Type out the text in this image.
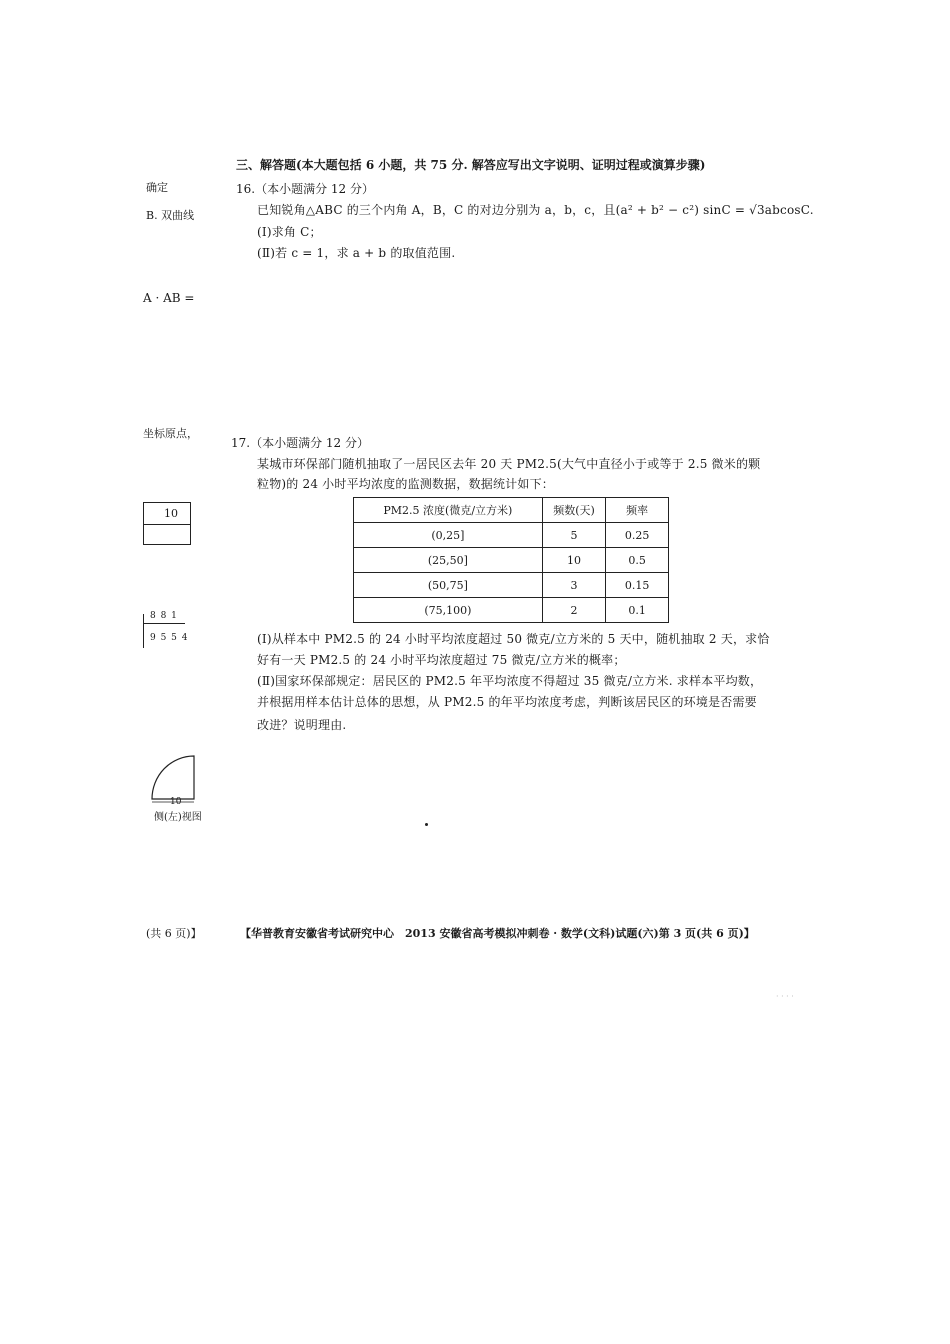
三、解答题(本大题包括 6 小题，共 75 分. 解答应写出文字说明、证明过程或演算步骤)
确定
B. 双曲线
A · AB =
坐标原点，
16.（本小题满分 12 分）
已知锐角△ABC 的三个内角 A，B，C 的对边分别为 a，b，c，且(a² + b² − c²) sinC = √3abcosC.
(Ⅰ)求角 C；
(Ⅱ)若 c = 1，求 a + b 的取值范围.
17.（本小题满分 12 分）
某城市环保部门随机抽取了一居民区去年 20 天 PM2.5(大气中直径小于或等于 2.5 微米的颗
粒物)的 24 小时平均浓度的监测数据，数据统计如下：
PM2.5 浓度(微克/立方米)	频数(天)	频率
(0,25]	5	0.25
(25,50]	10	0.5
(50,75]	3	0.15
(75,100)	2	0.1
(Ⅰ)从样本中 PM2.5 的 24 小时平均浓度超过 50 微克/立方米的 5 天中，随机抽取 2 天，求恰
好有一天 PM2.5 的 24 小时平均浓度超过 75 微克/立方米的概率；
(Ⅱ)国家环保部规定：居民区的 PM2.5 年平均浓度不得超过 35 微克/立方米. 求样本平均数，
并根据用样本估计总体的思想，从 PM2.5 的年平均浓度考虑，判断该居民区的环境是否需要
改进？说明理由.
10
8 8 1
9 5 5 4
10
侧(左)视图
(共 6 页)】	【华普教育安徽省考试研究中心　2013 安徽省高考模拟冲刺卷 · 数学(文科)试题(六)第 3 页(共 6 页)】
· · · ·
